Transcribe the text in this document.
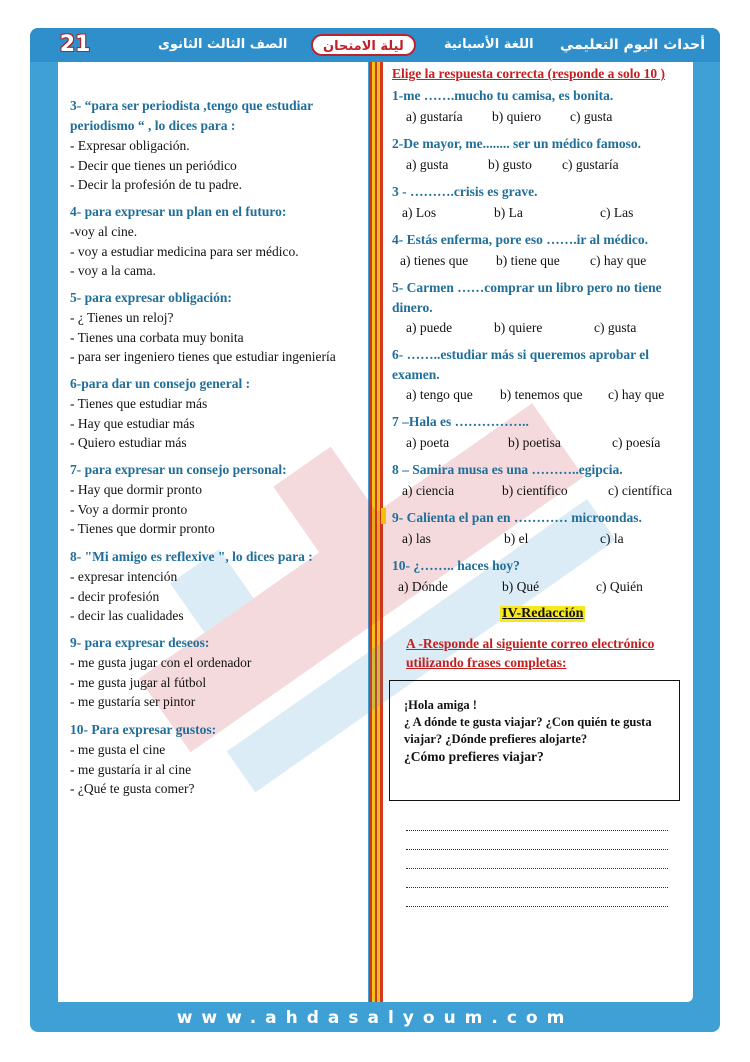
21	الصف الثالث الثانوى	ليلة الامتحان	اللغة الأسبانية أحداث اليوم التعليمي
3- “para ser periodista ,tengo que estudiar periodismo “ , lo dices para :
- Expresar obligación.
- Decir que tienes un periódico
- Decir la profesión de tu padre.
4- para expresar un plan en el futuro:
-voy al cine.
- voy a estudiar medicina para ser médico.
- voy a la cama.
5- para expresar obligación:
- ¿ Tienes un reloj?
- Tienes una corbata muy bonita
- para ser ingeniero tienes que estudiar ingeniería
6-para dar un consejo general :
- Tienes que estudiar más
- Hay que estudiar más
- Quiero estudiar más
7- para expresar un consejo personal:
- Hay que dormir pronto
- Voy a dormir pronto
- Tienes que dormir pronto
8- "Mi amigo es reflexive ", lo dices para :
- expresar intención
- decir profesión
- decir las cualidades
9- para expresar deseos:
- me gusta jugar con el ordenador
- me gusta jugar al fútbol
- me gustaría ser pintor
10- Para expresar gustos:
- me gusta el cine
- me gustaría ir al cine
- ¿Qué te gusta comer?
Elige la respuesta correcta (responde a solo 10 )
1-me …….mucho tu camisa, es bonita.
a) gustaría b) quiero c) gusta
2-De mayor, me........ ser un médico famoso.
a) gusta	b) gusto c) gustaría
3 - ……….crisis es grave.
a) Los	b) La	c) Las
4- Estás enferma, pore eso …….ir al médico.
a) tienes que b) tiene que c) hay que
5- Carmen ……comprar un libro pero no tiene dinero.
a) puede	b) quiere	c) gusta
6- ……..estudiar más si queremos aprobar el examen.
a) tengo que b) tenemos que c) hay que
7 –Hala es ……………..
a) poeta	b) poetisa	c) poesía
8 – Samira musa es una ………..egipcia.
a) ciencia	b) científico	c) científica
9- Calienta el pan en ………… microondas.
a) las	b) el	c) la
10- ¿…….. haces hoy?
a) Dónde	b) Qué	c) Quién
IV-Redacción
A -Responde al siguiente correo electrónico utilizando frases completas:
¡Hola amiga !
¿ A dónde te gusta viajar? ¿Con quién te gusta viajar? ¿Dónde prefieres alojarte?
¿Cómo prefieres viajar?
www.ahdasalyoum.com
